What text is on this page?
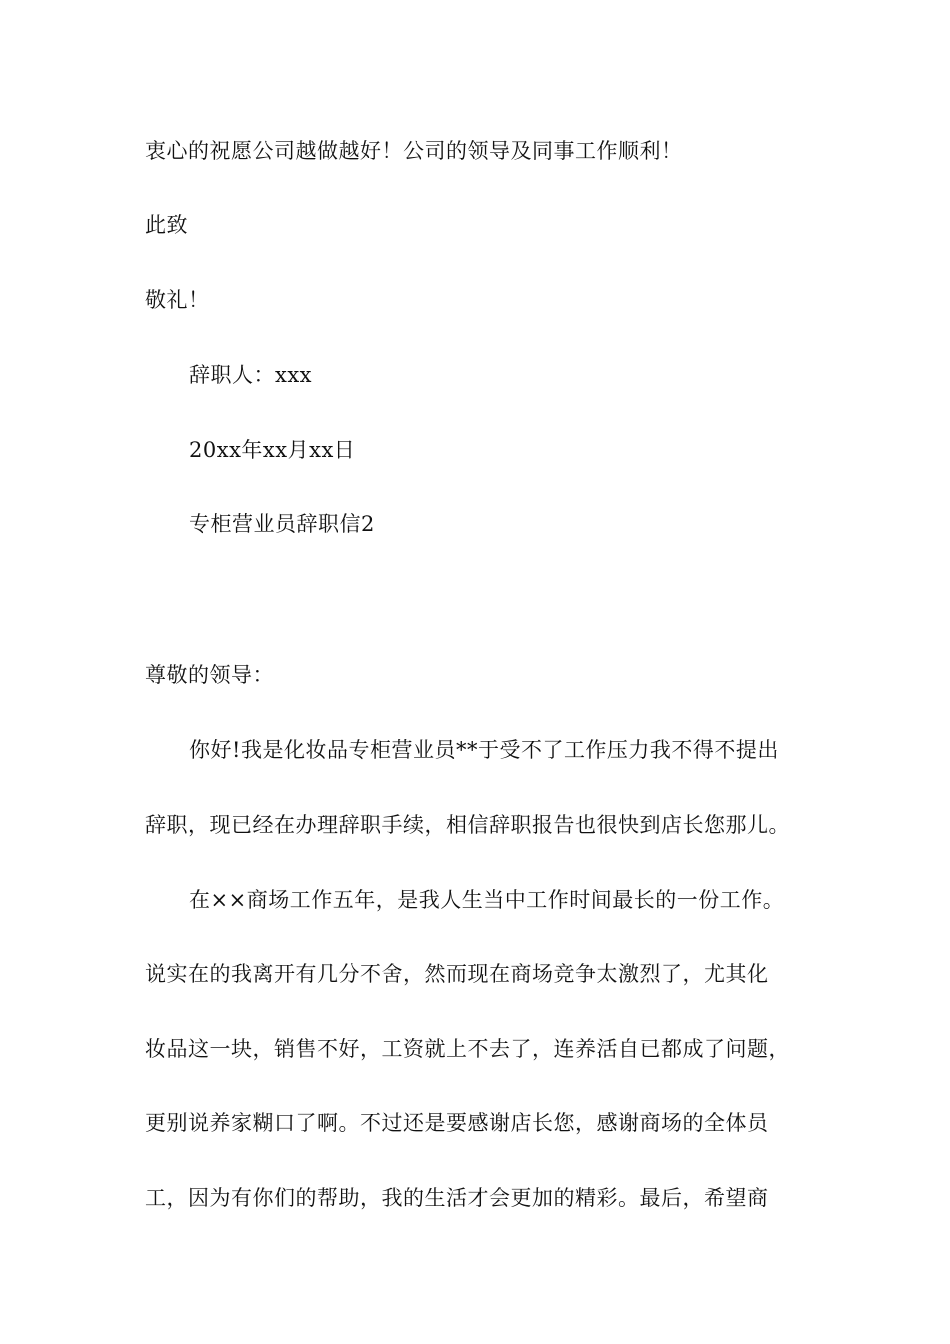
衷心的祝愿公司越做越好！公司的领导及同事工作顺利！
此致
敬礼！
辞职人：xxx
20xx年xx月xx日
专柜营业员辞职信2
尊敬的领导：
你好!我是化妆品专柜营业员**于受不了工作压力我不得不提出
辞职，现已经在办理辞职手续，相信辞职报告也很快到店长您那儿。
在××商场工作五年，是我人生当中工作时间最长的一份工作。
说实在的我离开有几分不舍，然而现在商场竞争太激烈了，尤其化
妆品这一块，销售不好，工资就上不去了，连养活自已都成了问题，
更别说养家糊口了啊。不过还是要感谢店长您，感谢商场的全体员
工，因为有你们的帮助，我的生活才会更加的精彩。最后，希望商
